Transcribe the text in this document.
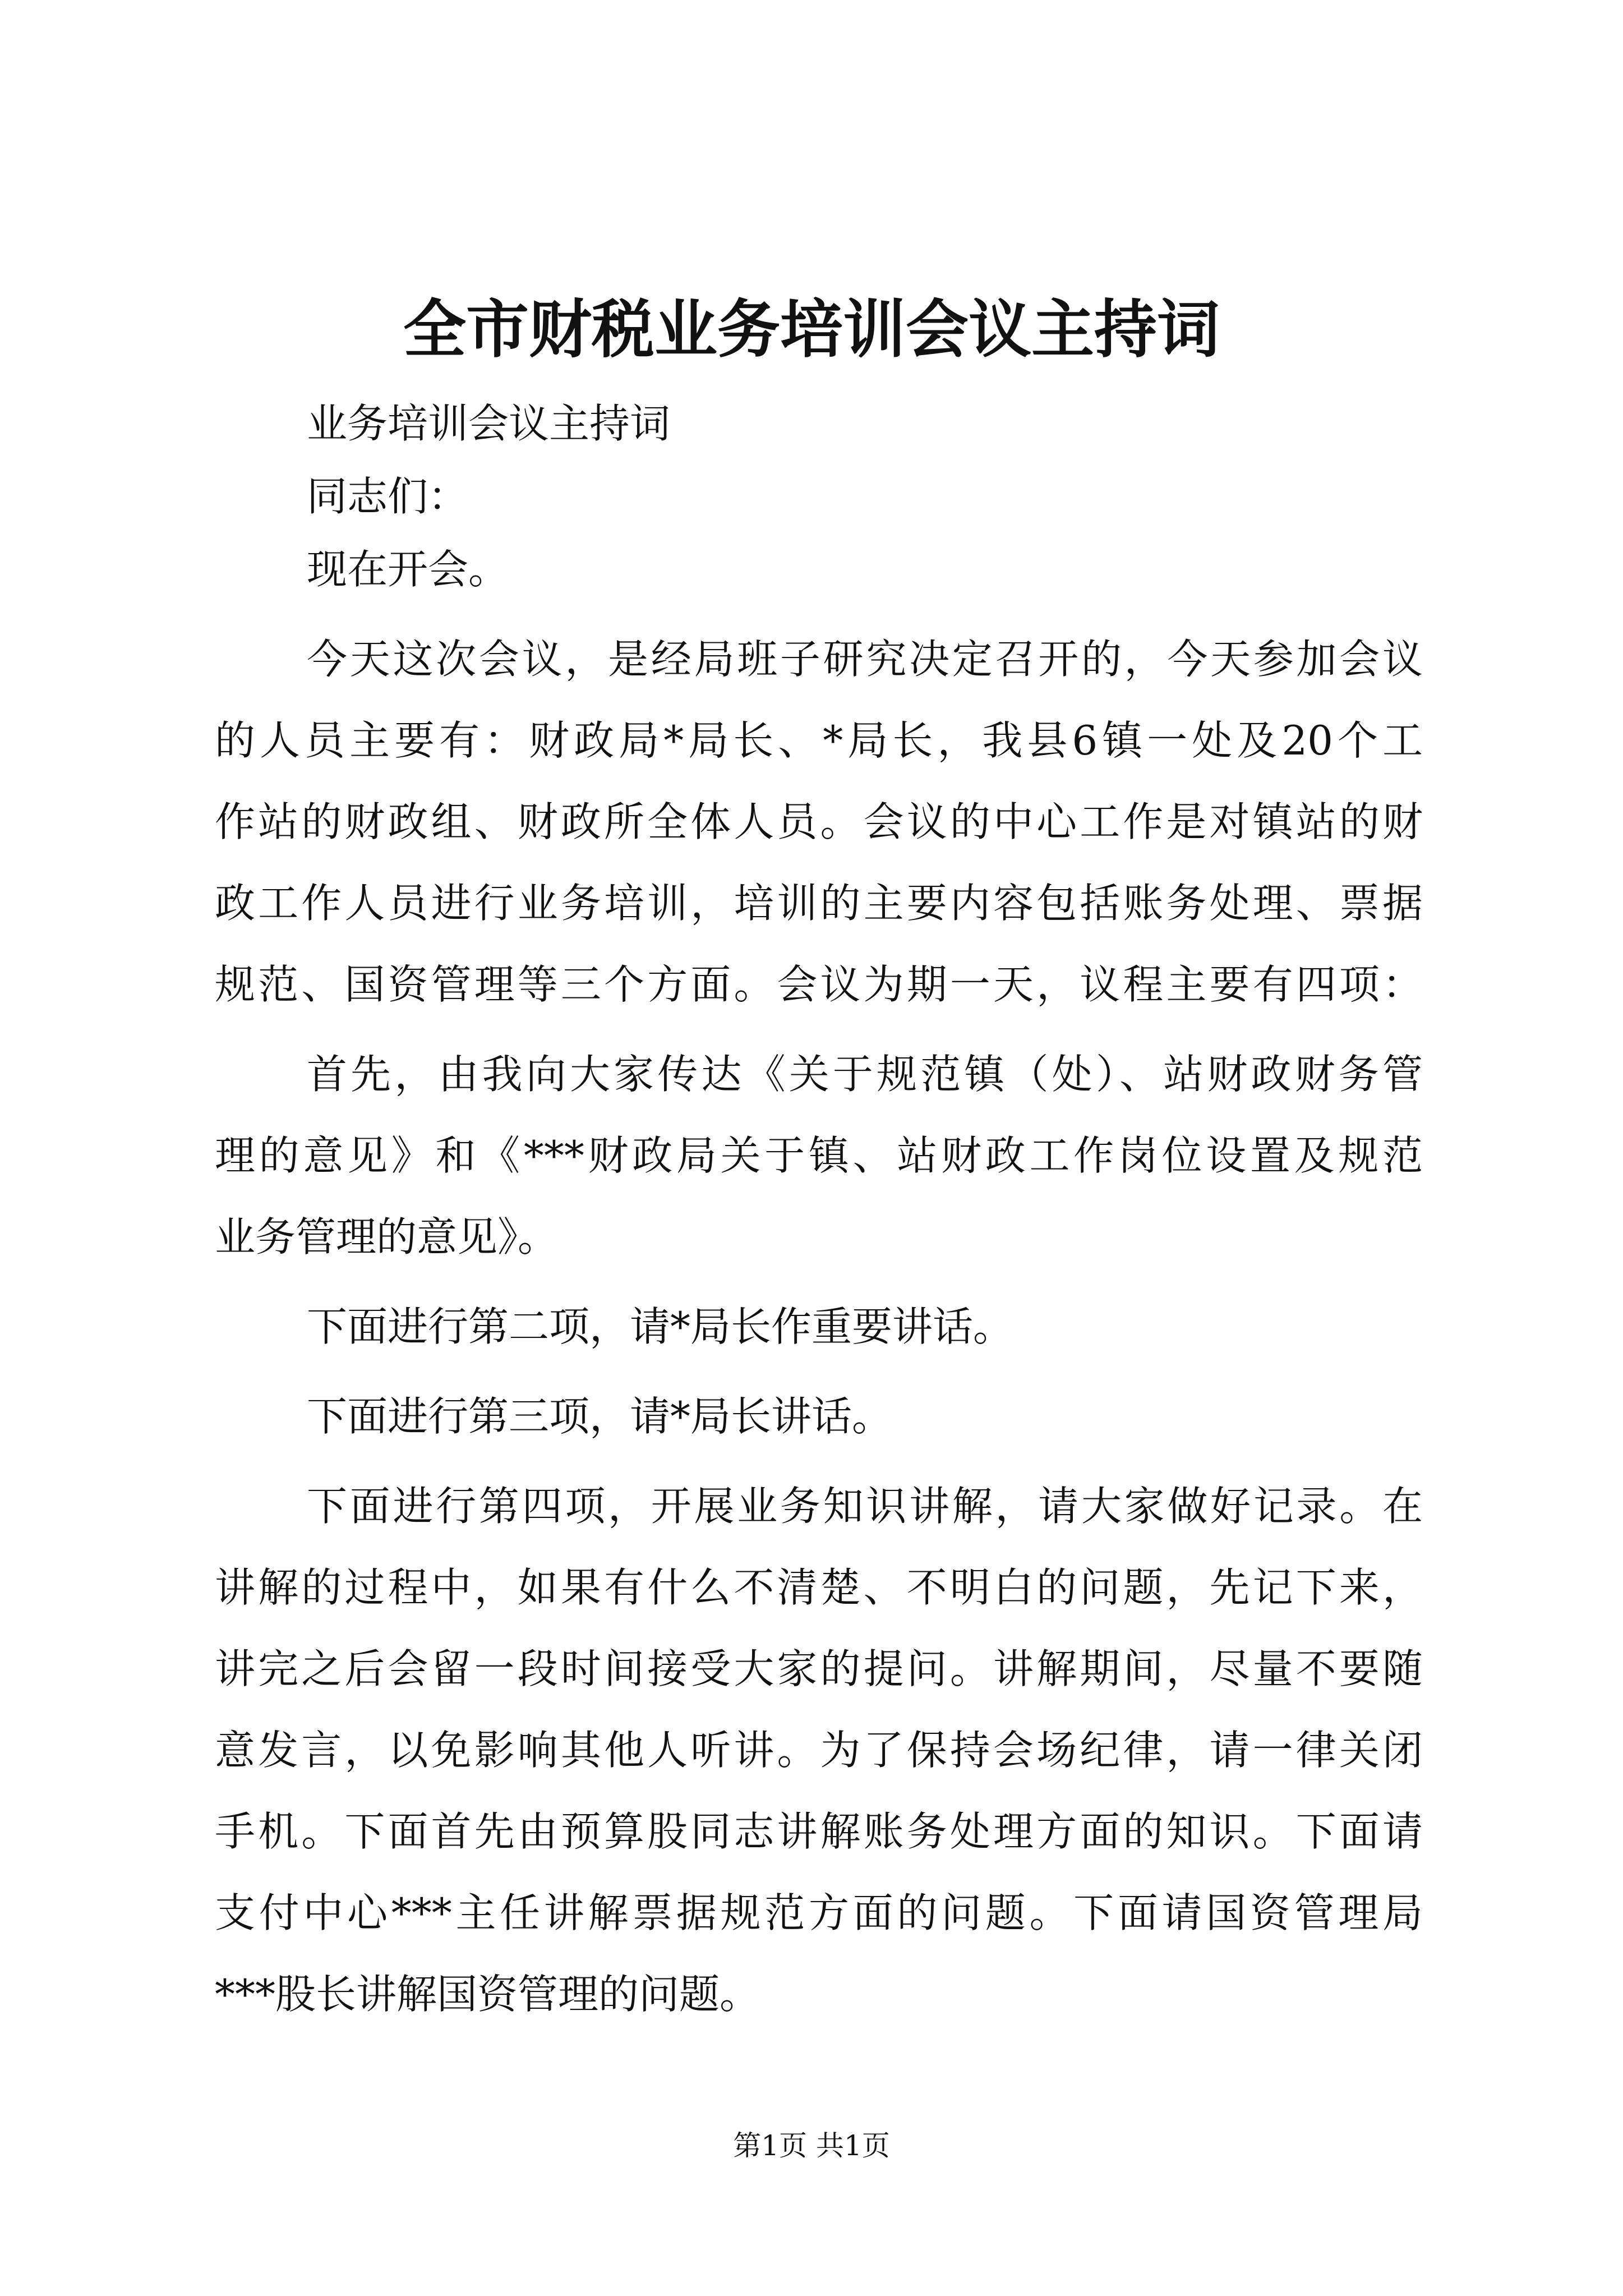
全市财税业务培训会议主持词

业务培训会议主持词

同志们：

现在开会。

今天这次会议，是经局班子研究决定召开的，今天参加会议

的人员主要有：财政局*局长、*局长，我县6镇一处及20个工

作站的财政组、财政所全体人员。会议的中心工作是对镇站的财

政工作人员进行业务培训，培训的主要内容包括账务处理、票据

规范、国资管理等三个方面。会议为期一天，议程主要有四项：

首先，由我向大家传达《关于规范镇（处）、站财政财务管

理的意见》和《***财政局关于镇、站财政工作岗位设置及规范

业务管理的意见》。

下面进行第二项，请*局长作重要讲话。

下面进行第三项，请*局长讲话。

下面进行第四项，开展业务知识讲解，请大家做好记录。在

讲解的过程中，如果有什么不清楚、不明白的问题，先记下来，

讲完之后会留一段时间接受大家的提问。讲解期间，尽量不要随

意发言，以免影响其他人听讲。为了保持会场纪律，请一律关闭

手机。下面首先由预算股同志讲解账务处理方面的知识。下面请

支付中心***主任讲解票据规范方面的问题。下面请国资管理局

***股长讲解国资管理的问题。

第1页 共1页
